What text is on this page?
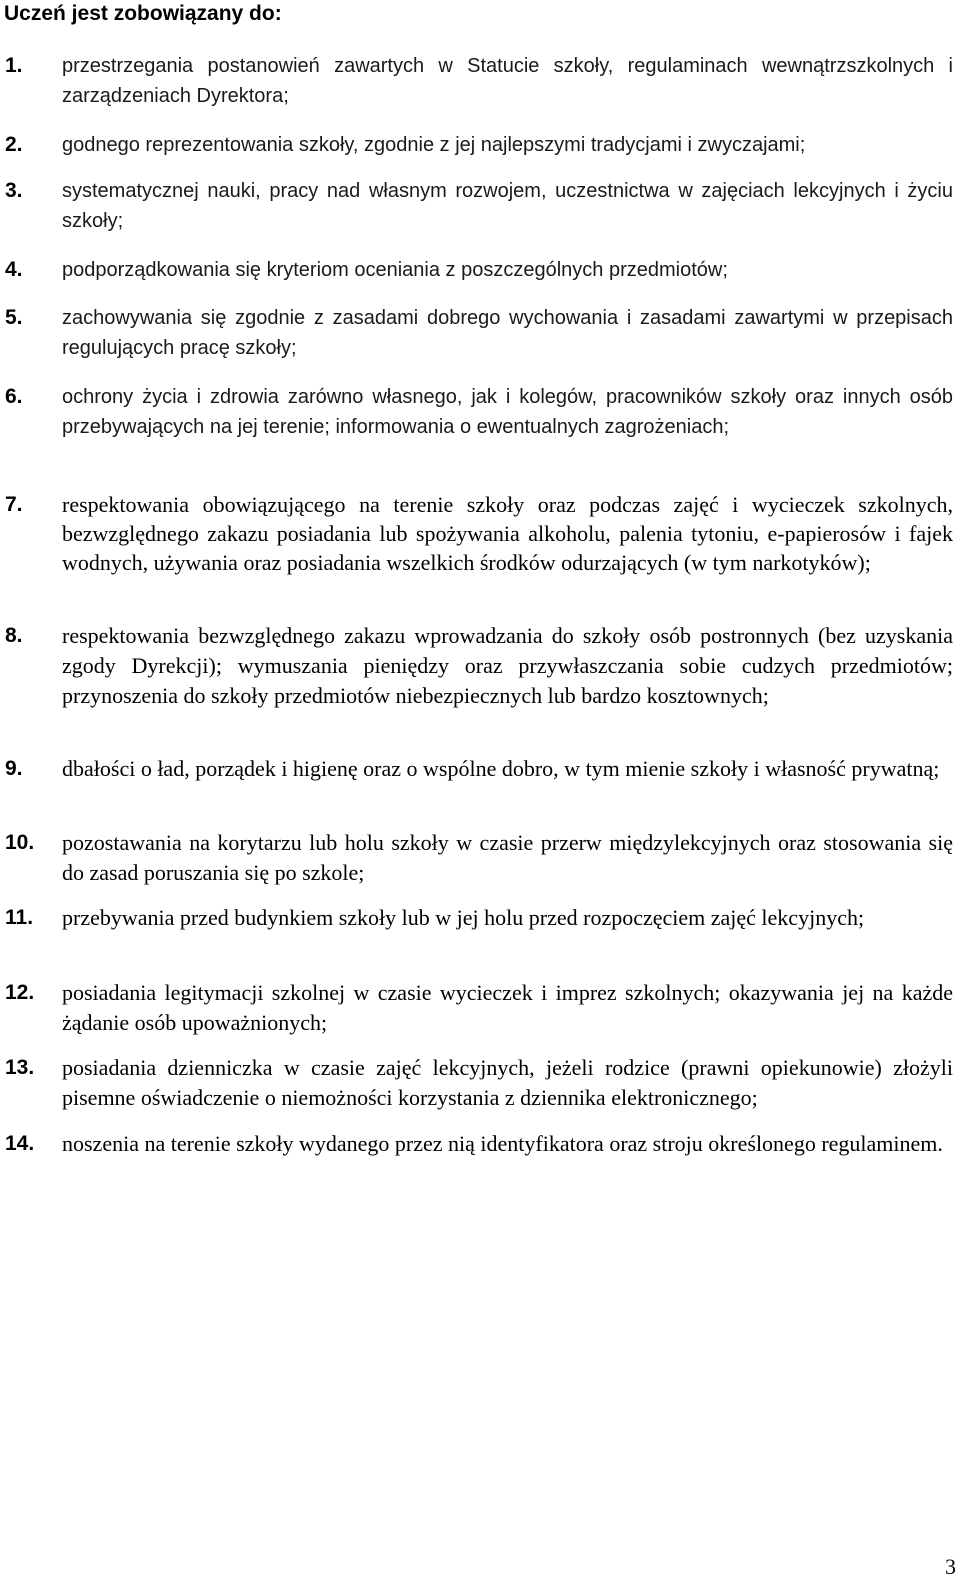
Uczeń jest zobowiązany do:
1. przestrzegania postanowień zawartych w Statucie szkoły, regulaminach wewnątrzszkolnych i zarządzeniach Dyrektora;
2. godnego reprezentowania szkoły, zgodnie z jej najlepszymi tradycjami i zwyczajami;
3. systematycznej nauki, pracy nad własnym rozwojem, uczestnictwa w zajęciach lekcyjnych i życiu szkoły;
4. podporządkowania się kryteriom oceniania z poszczególnych przedmiotów;
5. zachowywania się zgodnie z zasadami dobrego wychowania i zasadami zawartymi w przepisach regulujących pracę szkoły;
6. ochrony życia i zdrowia zarówno własnego, jak i kolegów, pracowników szkoły oraz innych osób przebywających na jej terenie; informowania o ewentualnych zagrożeniach;
7. respektowania obowiązującego na terenie szkoły oraz podczas zajęć i wycieczek szkolnych, bezwzględnego zakazu posiadania lub spożywania alkoholu, palenia tytoniu, e-papierosów i fajek wodnych, używania oraz posiadania wszelkich środków odurzających (w tym narkotyków);
8. respektowania bezwzględnego zakazu wprowadzania do szkoły osób postronnych (bez uzyskania zgody Dyrekcji); wymuszania pieniędzy oraz przywłaszczania sobie cudzych przedmiotów; przynoszenia do szkoły przedmiotów niebezpiecznych lub bardzo kosztownych;
9. dbałości o ład, porządek i higienę oraz o wspólne dobro, w tym mienie szkoły i własność prywatną;
10. pozostawania na korytarzu lub holu szkoły w czasie przerw międzylekcyjnych oraz stosowania się do zasad poruszania się po szkole;
11. przebywania przed budynkiem szkoły lub w jej holu przed rozpoczęciem zajęć lekcyjnych;
12. posiadania legitymacji szkolnej w czasie wycieczek i imprez szkolnych; okazywania jej na każde żądanie osób upoważnionych;
13. posiadania dzienniczka w czasie zajęć lekcyjnych, jeżeli rodzice (prawni opiekunowie) złożyli pisemne oświadczenie o niemożności korzystania z dziennika elektronicznego;
14. noszenia na terenie szkoły wydanego przez nią identyfikatora oraz stroju określonego regulaminem.
3
